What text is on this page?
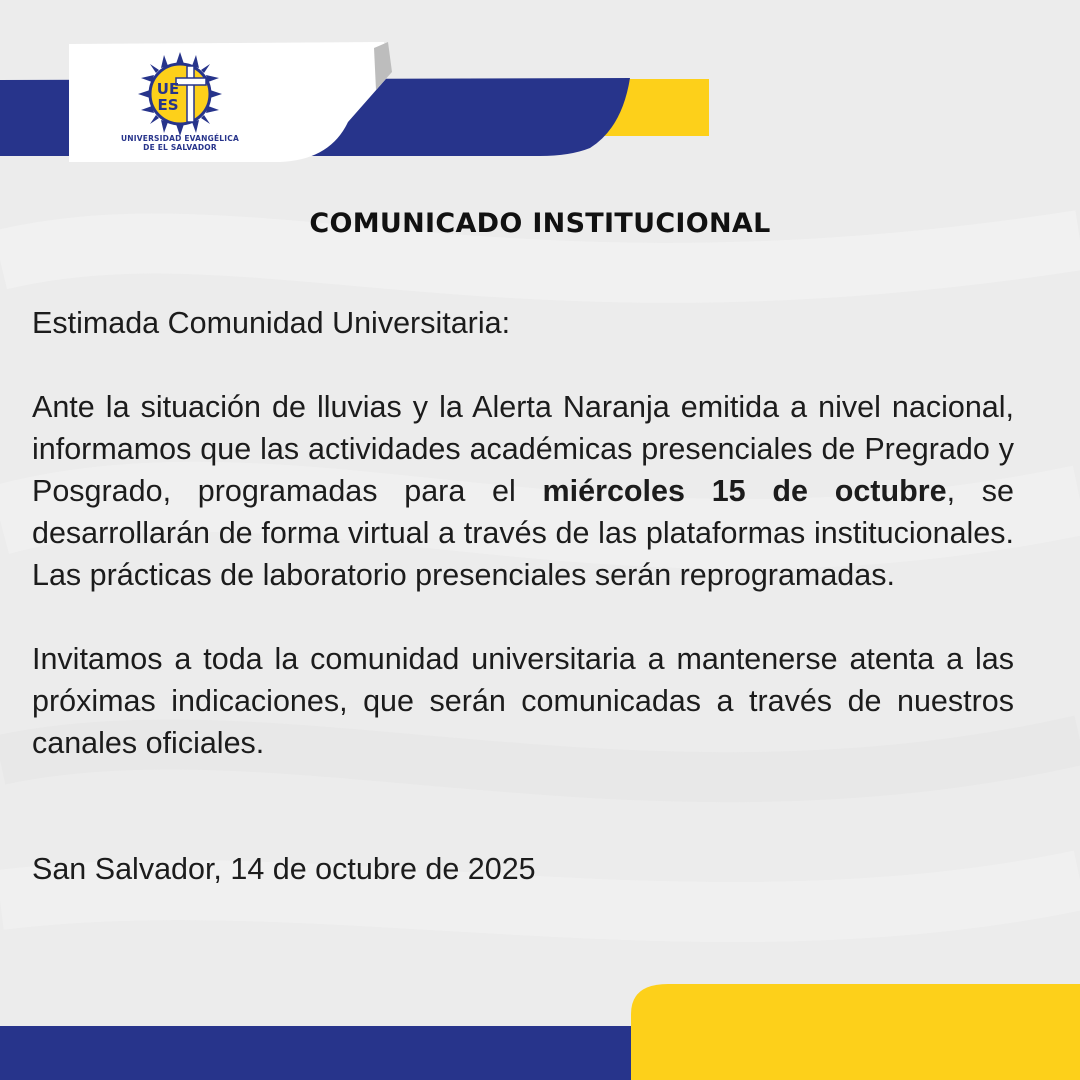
UE
ES
UNIVERSIDAD EVANGÉLICA
DE EL SALVADOR
COMUNICADO INSTITUCIONAL

Estimada Comunidad Universitaria:

Ante la situación de lluvias y la Alerta Naranja emitida a nivel nacional, informamos que las actividades académicas presenciales de Pregrado y Posgrado, programadas para el miércoles 15 de octubre, se desarrollarán de forma virtual a través de las plataformas institucionales. Las prácticas de laboratorio presenciales serán reprogramadas.

Invitamos a toda la comunidad universitaria a mantenerse atenta a las próximas indicaciones, que serán comunicadas a través de nuestros canales oficiales.

San Salvador, 14 de octubre de 2025
